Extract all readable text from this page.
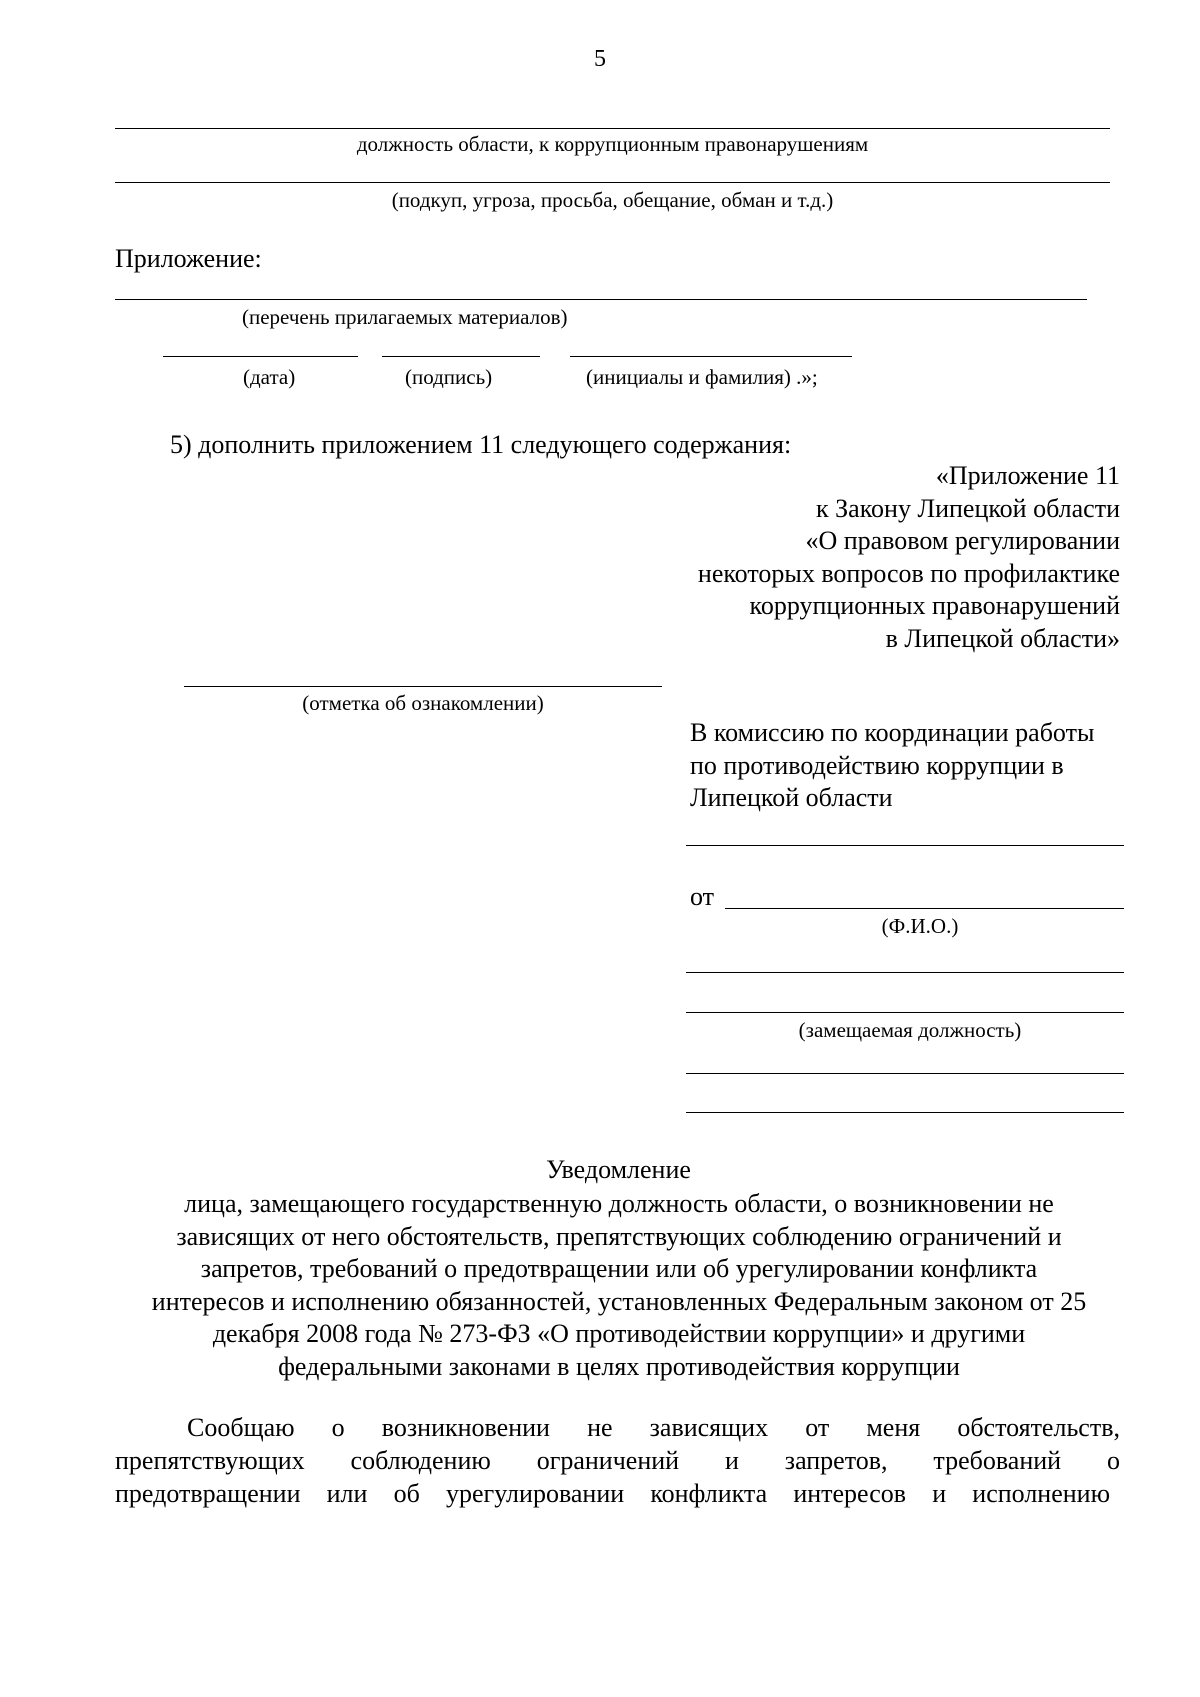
5
должность области, к коррупционным правонарушениям
(подкуп, угроза, просьба, обещание, обман и т.д.)
Приложение:
(перечень прилагаемых материалов)
(дата)	(подпись)	(инициалы и фамилия) .»;
5) дополнить приложением 11 следующего содержания:
«Приложение 11
к Закону Липецкой области
«О правовом регулировании
некоторых вопросов по профилактике
коррупционных правонарушений
в Липецкой области»
(отметка об ознакомлении)
В комиссию по координации работы
по противодействию коррупции в
Липецкой области
от
(Ф.И.О.)
(замещаемая должность)
Уведомление
лица, замещающего государственную должность области, о возникновении не
зависящих от него обстоятельств, препятствующих соблюдению ограничений и
запретов, требований о предотвращении или об урегулировании конфликта
интересов и исполнению обязанностей, установленных Федеральным законом от 25
декабря 2008 года № 273-ФЗ «О противодействии коррупции» и другими
федеральными законами в целях противодействия коррупции
Сообщаю о возникновении не зависящих от меня обстоятельств,
препятствующих соблюдению ограничений и запретов, требований о
предотвращении или об урегулировании конфликта интересов и исполнению
